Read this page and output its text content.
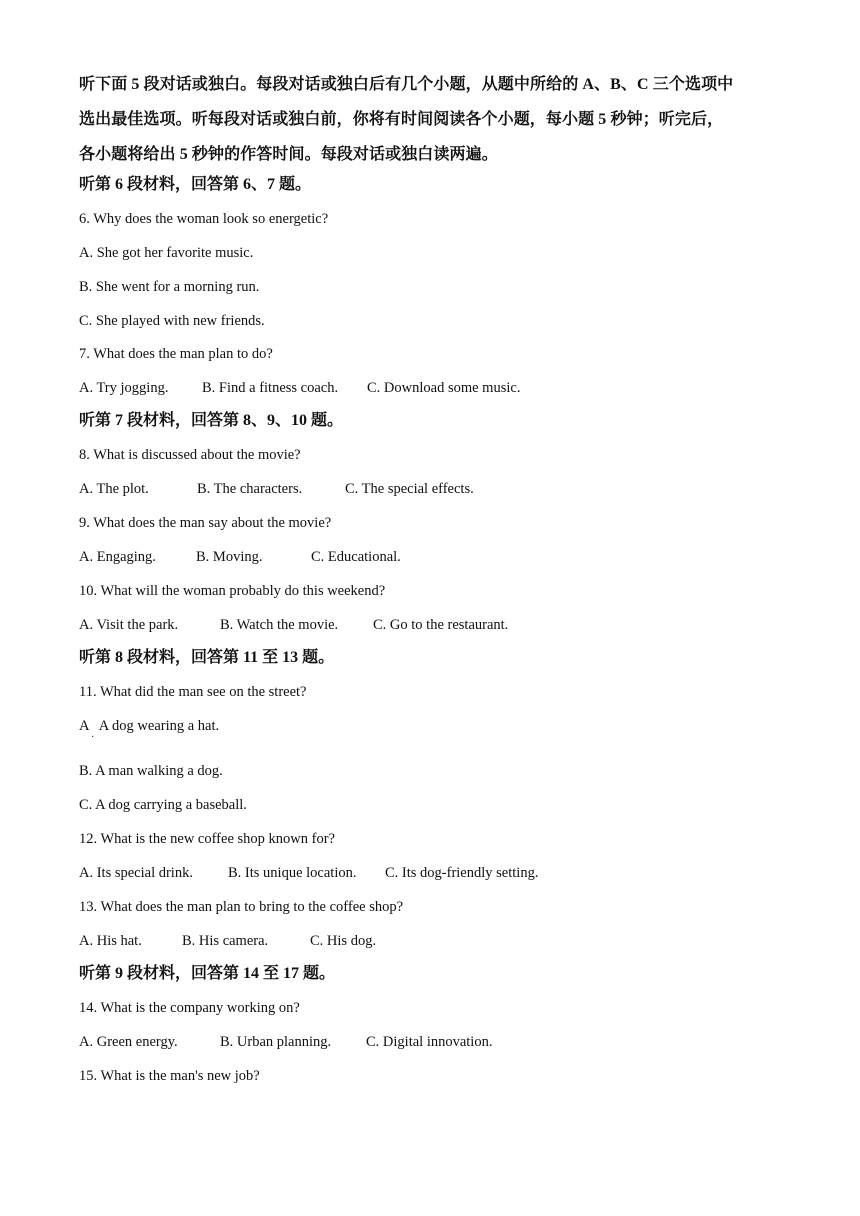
听下面 5 段对话或独白。每段对话或独白后有几个小题，从题中所给的 A、B、C 三个选项中
选出最佳选项。听每段对话或独白前，你将有时间阅读各个小题，每小题 5 秒钟；听完后，
各小题将给出 5 秒钟的作答时间。每段对话或独白读两遍。
听第 6 段材料，回答第 6、7 题。
6. Why does the woman look so energetic?
A. She got her favorite music.
B. She went for a morning run.
C. She played with new friends.
7. What does the man plan to do?
A. Try jogging. B. Find a fitness coach. C. Download some music.
听第 7 段材料，回答第 8、9、10 题。
8. What is discussed about the movie?
A. The plot.	B. The characters.	C. The special effects.
9. What does the man say about the movie?
A. Engaging.	B. Moving.	C. Educational.
10. What will the woman probably do this weekend?
A. Visit the park.	B. Watch the movie. C. Go to the restaurant.
听第 8 段材料，回答第 11 至 13 题。
11. What did the man see on the street?
A   A dog wearing a hat.
·
B. A man walking a dog.
C. A dog carrying a baseball.
12. What is the new coffee shop known for?
A. Its special drink. B. Its unique location. C. Its dog-friendly setting.
13. What does the man plan to bring to the coffee shop?
A. His hat.	B. His camera.	C. His dog.
听第 9 段材料，回答第 14 至 17 题。
14. What is the company working on?
A. Green energy.	B. Urban planning. C. Digital innovation.
15. What is the man's new job?
